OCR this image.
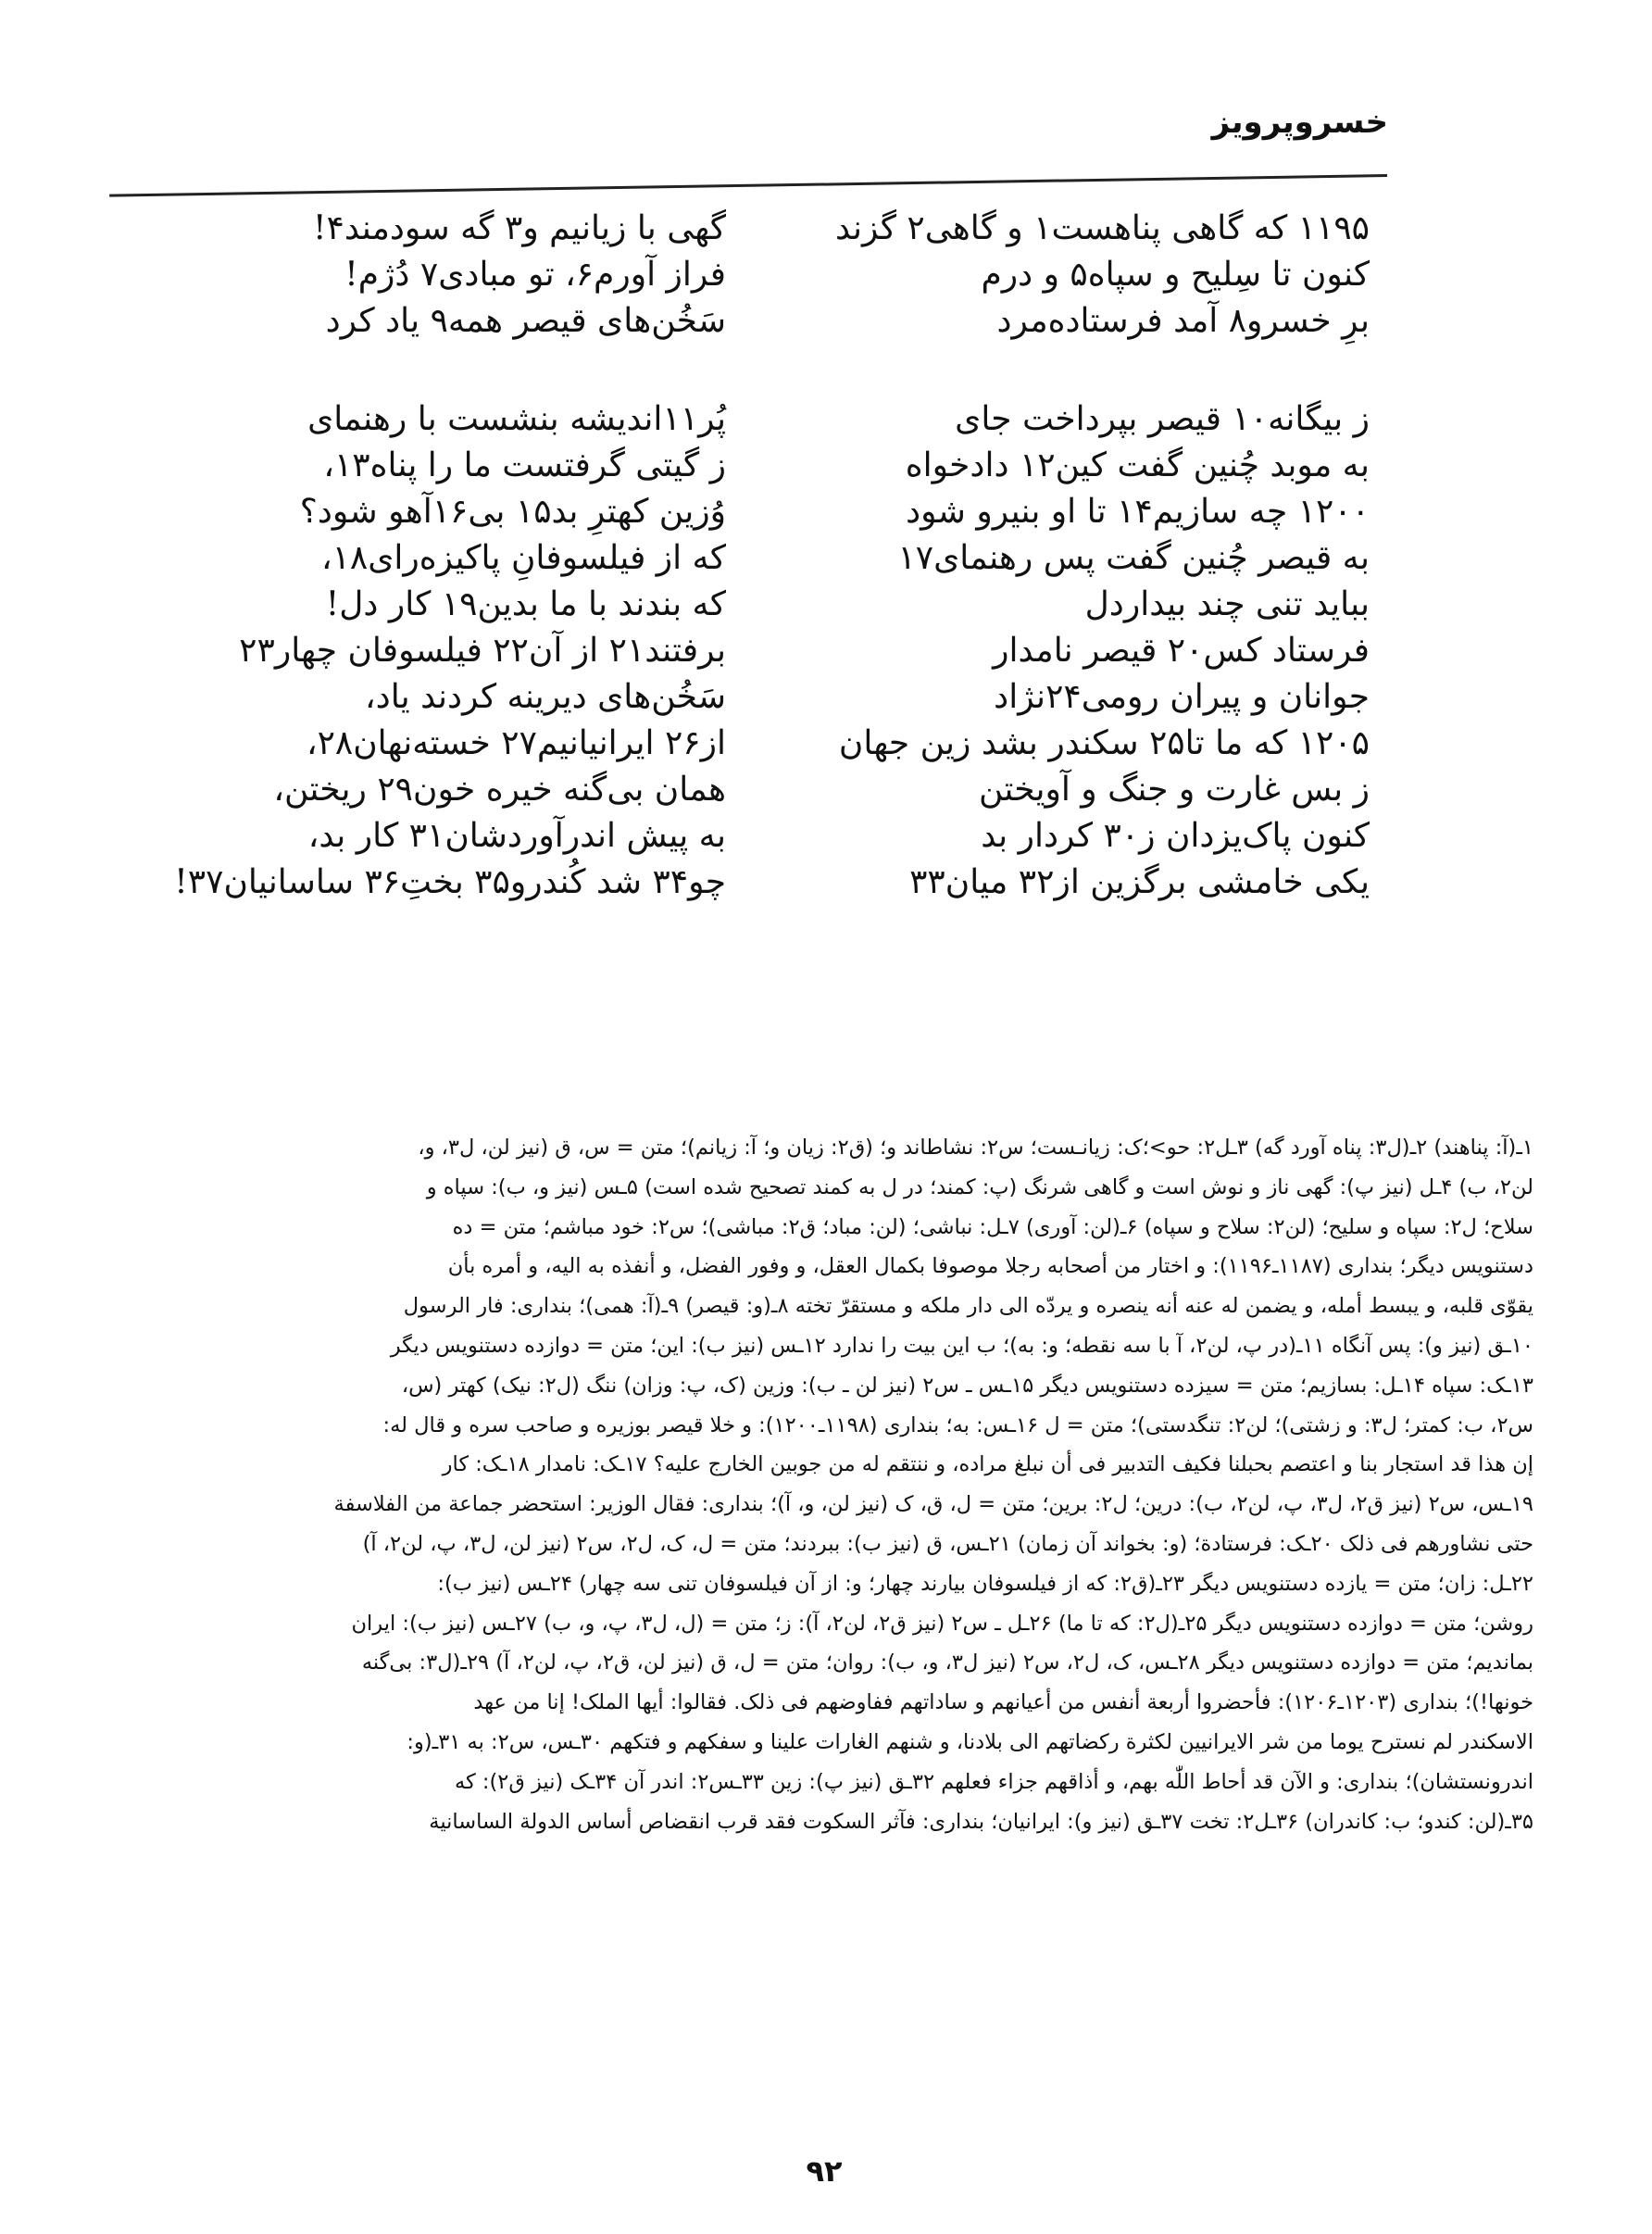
خسروپرویز
۱۱۹۵ که گاهی پناهست۱ و گاهی۲ گزند
کنون تا سِلیح و سپاه۵ و درم
برِ خسرو۸ آمد فرستاده‌مرد
ز بیگانه۱۰ قیصر بپرداخت جای
به موبد چُنین گفت کین۱۲ دادخواه
۱۲۰۰ چه سازیم۱۴ تا او بنیرو شود
به قیصر چُنین گفت پس رهنمای۱۷
بباید تنی چند بیداردل
فرستاد کس۲۰ قیصر نامدار
جوانان و پیران رومی۲۴نژاد
۱۲۰۵ که ما تا۲۵ سکندر بشد زین جهان
ز بس غارت و جنگ و آویختن
کنون پاک‌یزدان ز۳۰ کردار بد
یکی خامشی برگزین از۳۲ میان۳۳
گهی با زیانیم و۳ گه سودمند۴!
فراز آورم۶، تو مبادی۷ دُژم!
سَخُن‌های قیصر همه۹ یاد کرد
پُر۱۱اندیشه بنشست با رهنمای
ز گیتی گرفتست ما را پناه۱۳،
وُزین کهترِ بد۱۵ بی۱۶آهو شود؟
که از فیلسوفانِ پاکیزه‌رای۱۸،
که بندند با ما بدین۱۹ کار دل!
برفتند۲۱ از آن۲۲ فیلسوفان چهار۲۳
سَخُن‌های دیرینه کردند یاد،
از۲۶ ایرانیانیم۲۷ خسته‌نهان۲۸،
همان بی‌گنه خیره خون۲۹ ریختن،
به پیش اندرآوردشان۳۱ کار بد،
چو۳۴ شد کُندرو۳۵ بختِ۳۶ ساسانیان۳۷!
۱ـ(آ: پناهند) ۲ـ(ل۳: پناه آورد گه) ۳ـل۲: حو>؛ک: زیانـست؛ س۲: نشاطاند و؛ (ق۲: زیان و؛ آ: زیانم)؛ متن = س، ق (نیز لن، ل۳، و،
لن۲، ب) ۴ـل (نیز پ): گهی ناز و نوش است و گاهی شرنگ (پ: کمند؛ در ل به کمند تصحیح شده است) ۵ـس (نیز و، ب): سپاه و
سلاح؛ ل۲: سپاه و سلیح؛ (لن۲: سلاح و سپاه) ۶ـ(لن: آوری) ۷ـل: نباشی؛ (لن: مباد؛ ق۲: مباشی)؛ س۲: خود مباشم؛ متن = ده
دستنویس دیگر؛ بنداری (۱۱۸۷ـ۱۱۹۶): و اختار من أصحابه رجلا موصوفا بکمال العقل، و وفور الفضل، و أنفذه به الیه، و أمره بأن
یقوّی قلبه، و یبسط أمله، و یضمن له عنه أنه ینصره و یردّه الی دار ملکه و مستقرّ تخته ۸ـ(و: قیصر) ۹ـ(آ: همی)؛ بنداری: فار الرسول
۱۰ـق (نیز و): پس آنگاه ۱۱ـ(در پ، لن۲، آ با سه نقطه؛ و: به)؛ ب این بیت را ندارد ۱۲ـس (نیز ب): این؛ متن = دوازده دستنویس دیگر
۱۳ـک: سپاه ۱۴ـل: بسازیم؛ متن = سیزده دستنویس دیگر ۱۵ـس ـ س۲ (نیز لن ـ ب): وزین (ک، پ: وزان) ننگ (ل۲: نیک) کهتر (س،
س۲، ب: کمتر؛ ل۳: و زشتی)؛ لن۲: تنگدستی)؛ متن = ل ۱۶ـس: به؛ بنداری (۱۱۹۸ـ۱۲۰۰): و خلا قیصر بوزیره و صاحب سره و قال له:
إن هذا قد استجار بنا و اعتصم بحبلنا فکیف التدبیر فی أن نبلغ مراده، و ننتقم له من جوبین الخارج علیه؟ ۱۷ـک: نامدار ۱۸ـک: کار
۱۹ـس، س۲ (نیز ق۲، ل۳، پ، لن۲، ب): درین؛ ل۲: برین؛ متن = ل، ق، ک (نیز لن، و، آ)؛ بنداری: فقال الوزیر: استحضر جماعة من الفلاسفة
حتی نشاورهم فی ذلک ۲۰ـک: فرستادة؛ (و: بخواند آن زمان) ۲۱ـس، ق (نیز ب): ببردند؛ متن = ل، ک، ل۲، س۲ (نیز لن، ل۳، پ، لن۲، آ)
۲۲ـل: زان؛ متن = یازده دستنویس دیگر ۲۳ـ(ق۲: که از فیلسوفان بیارند چهار؛ و: از آن فیلسوفان تنی سه چهار) ۲۴ـس (نیز ب):
روشن؛ متن = دوازده دستنویس دیگر ۲۵ـ(ل۲: که تا ما) ۲۶ـل ـ س۲ (نیز ق۲، لن۲، آ): ز؛ متن = (ل، ل۳، پ، و، ب) ۲۷ـس (نیز ب): ایران
بماندیم؛ متن = دوازده دستنویس دیگر ۲۸ـس، ک، ل۲، س۲ (نیز ل۳، و، ب): روان؛ متن = ل، ق (نیز لن، ق۲، پ، لن۲، آ) ۲۹ـ(ل۳: بی‌گنه
خونها!)؛ بنداری (۱۲۰۳ـ۱۲۰۶): فأحضروا أربعة أنفس من أعیانهم و ساداتهم ففاوضهم فی ذلک. فقالوا: أیها الملک! إنا من عهد
الاسکندر لم نسترح یوما من شر الایرانیین لکثرة رکضاتهم الی بلادنا، و شنهم الغارات علینا و سفکهم و فتکهم ۳۰ـس، س۲: به ۳۱ـ(و:
اندرونستشان)؛ بنداری: و الآن قد أحاط اللّٰه بهم، و أذاقهم جزاء فعلهم ۳۲ـق (نیز پ): زین ۳۳ـس۲: اندر آن ۳۴ـک (نیز ق۲): که
۳۵ـ(لن: کندو؛ ب: کاندران) ۳۶ـل۲: تخت ۳۷ـق (نیز و): ایرانیان؛ بنداری: فآثر السکوت فقد قرب انقضاص أساس الدولة الساسانیة
۹۲
